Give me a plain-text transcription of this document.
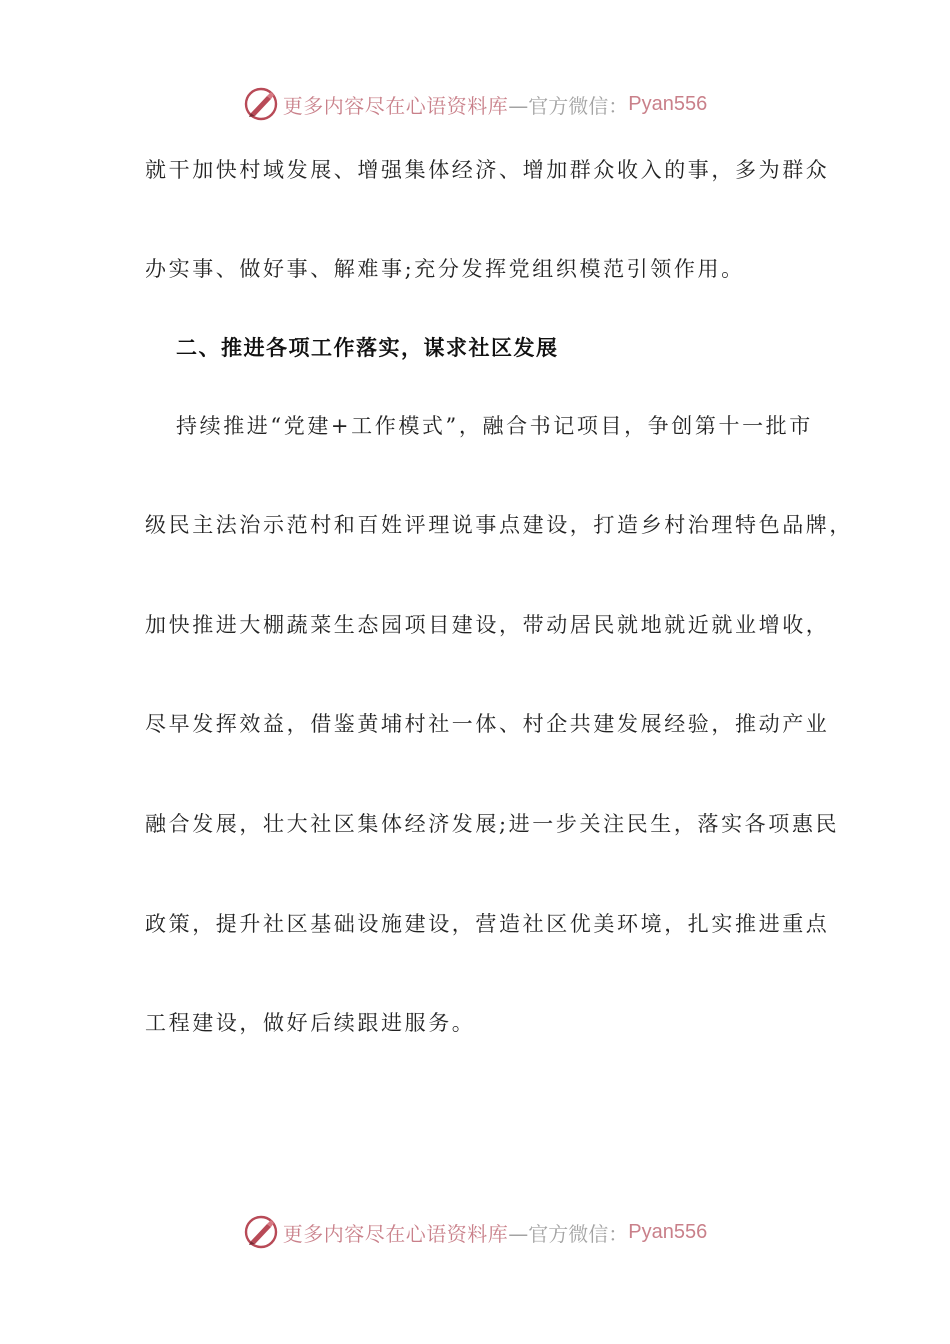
更多内容尽在心语资料库 —官方微信： Pyan556
就干加快村域发展、增强集体经济、增加群众收入的事，多为群众
办实事、做好事、解难事;充分发挥党组织模范引领作用。
二、推进各项工作落实，谋求社区发展
持续推进“党建+工作模式”，融合书记项目，争创第十一批市
级民主法治示范村和百姓评理说事点建设，打造乡村治理特色品牌，
加快推进大棚蔬菜生态园项目建设，带动居民就地就近就业增收，
尽早发挥效益，借鉴黄埔村社一体、村企共建发展经验，推动产业
融合发展，壮大社区集体经济发展;进一步关注民生，落实各项惠民
政策，提升社区基础设施建设，营造社区优美环境，扎实推进重点
工程建设，做好后续跟进服务。
更多内容尽在心语资料库 —官方微信： Pyan556
